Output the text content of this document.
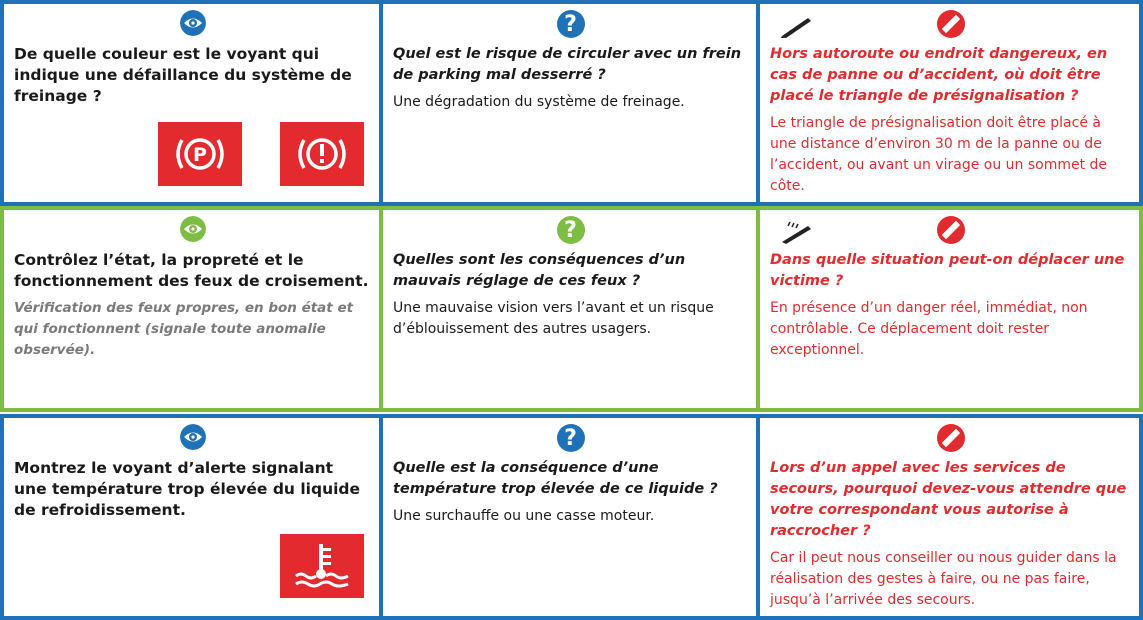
De quelle couleur est le voyant qui indique une défaillance du système de freinage ?

P
?

Quel est le risque de circuler avec un frein de parking mal desserré ?

Une dégradation du système de freinage.

Hors autoroute ou endroit dangereux, en cas de panne ou d’accident, où doit être placé le triangle de présignalisation ?

Le triangle de présignalisation doit être placé à une distance d’environ 30 m de la panne ou de l’accident, ou avant un virage ou un sommet de côte.

Contrôlez l’état, la propreté et le fonctionnement des feux de croisement.

Vérification des feux propres, en bon état et qui fonctionnent (signale toute anomalie observée).

?

Quelles sont les conséquences d’un mauvais réglage de ces feux ?

Une mauvaise vision vers l’avant et un risque d’éblouissement des autres usagers.

Dans quelle situation peut-on déplacer une victime ?

En présence d’un danger réel, immédiat, non contrôlable. Ce déplacement doit rester exceptionnel.

Montrez le voyant d’alerte signalant une température trop élevée du liquide de refroidissement.

?

Quelle est la conséquence d’une température trop élevée de ce liquide ?

Une surchauffe ou une casse moteur.

Lors d’un appel avec les services de secours, pourquoi devez-vous attendre que votre correspondant vous autorise à raccrocher ?

Car il peut nous conseiller ou nous guider dans la réalisation des gestes à faire, ou ne pas faire, jusqu’à l’arrivée des secours.
